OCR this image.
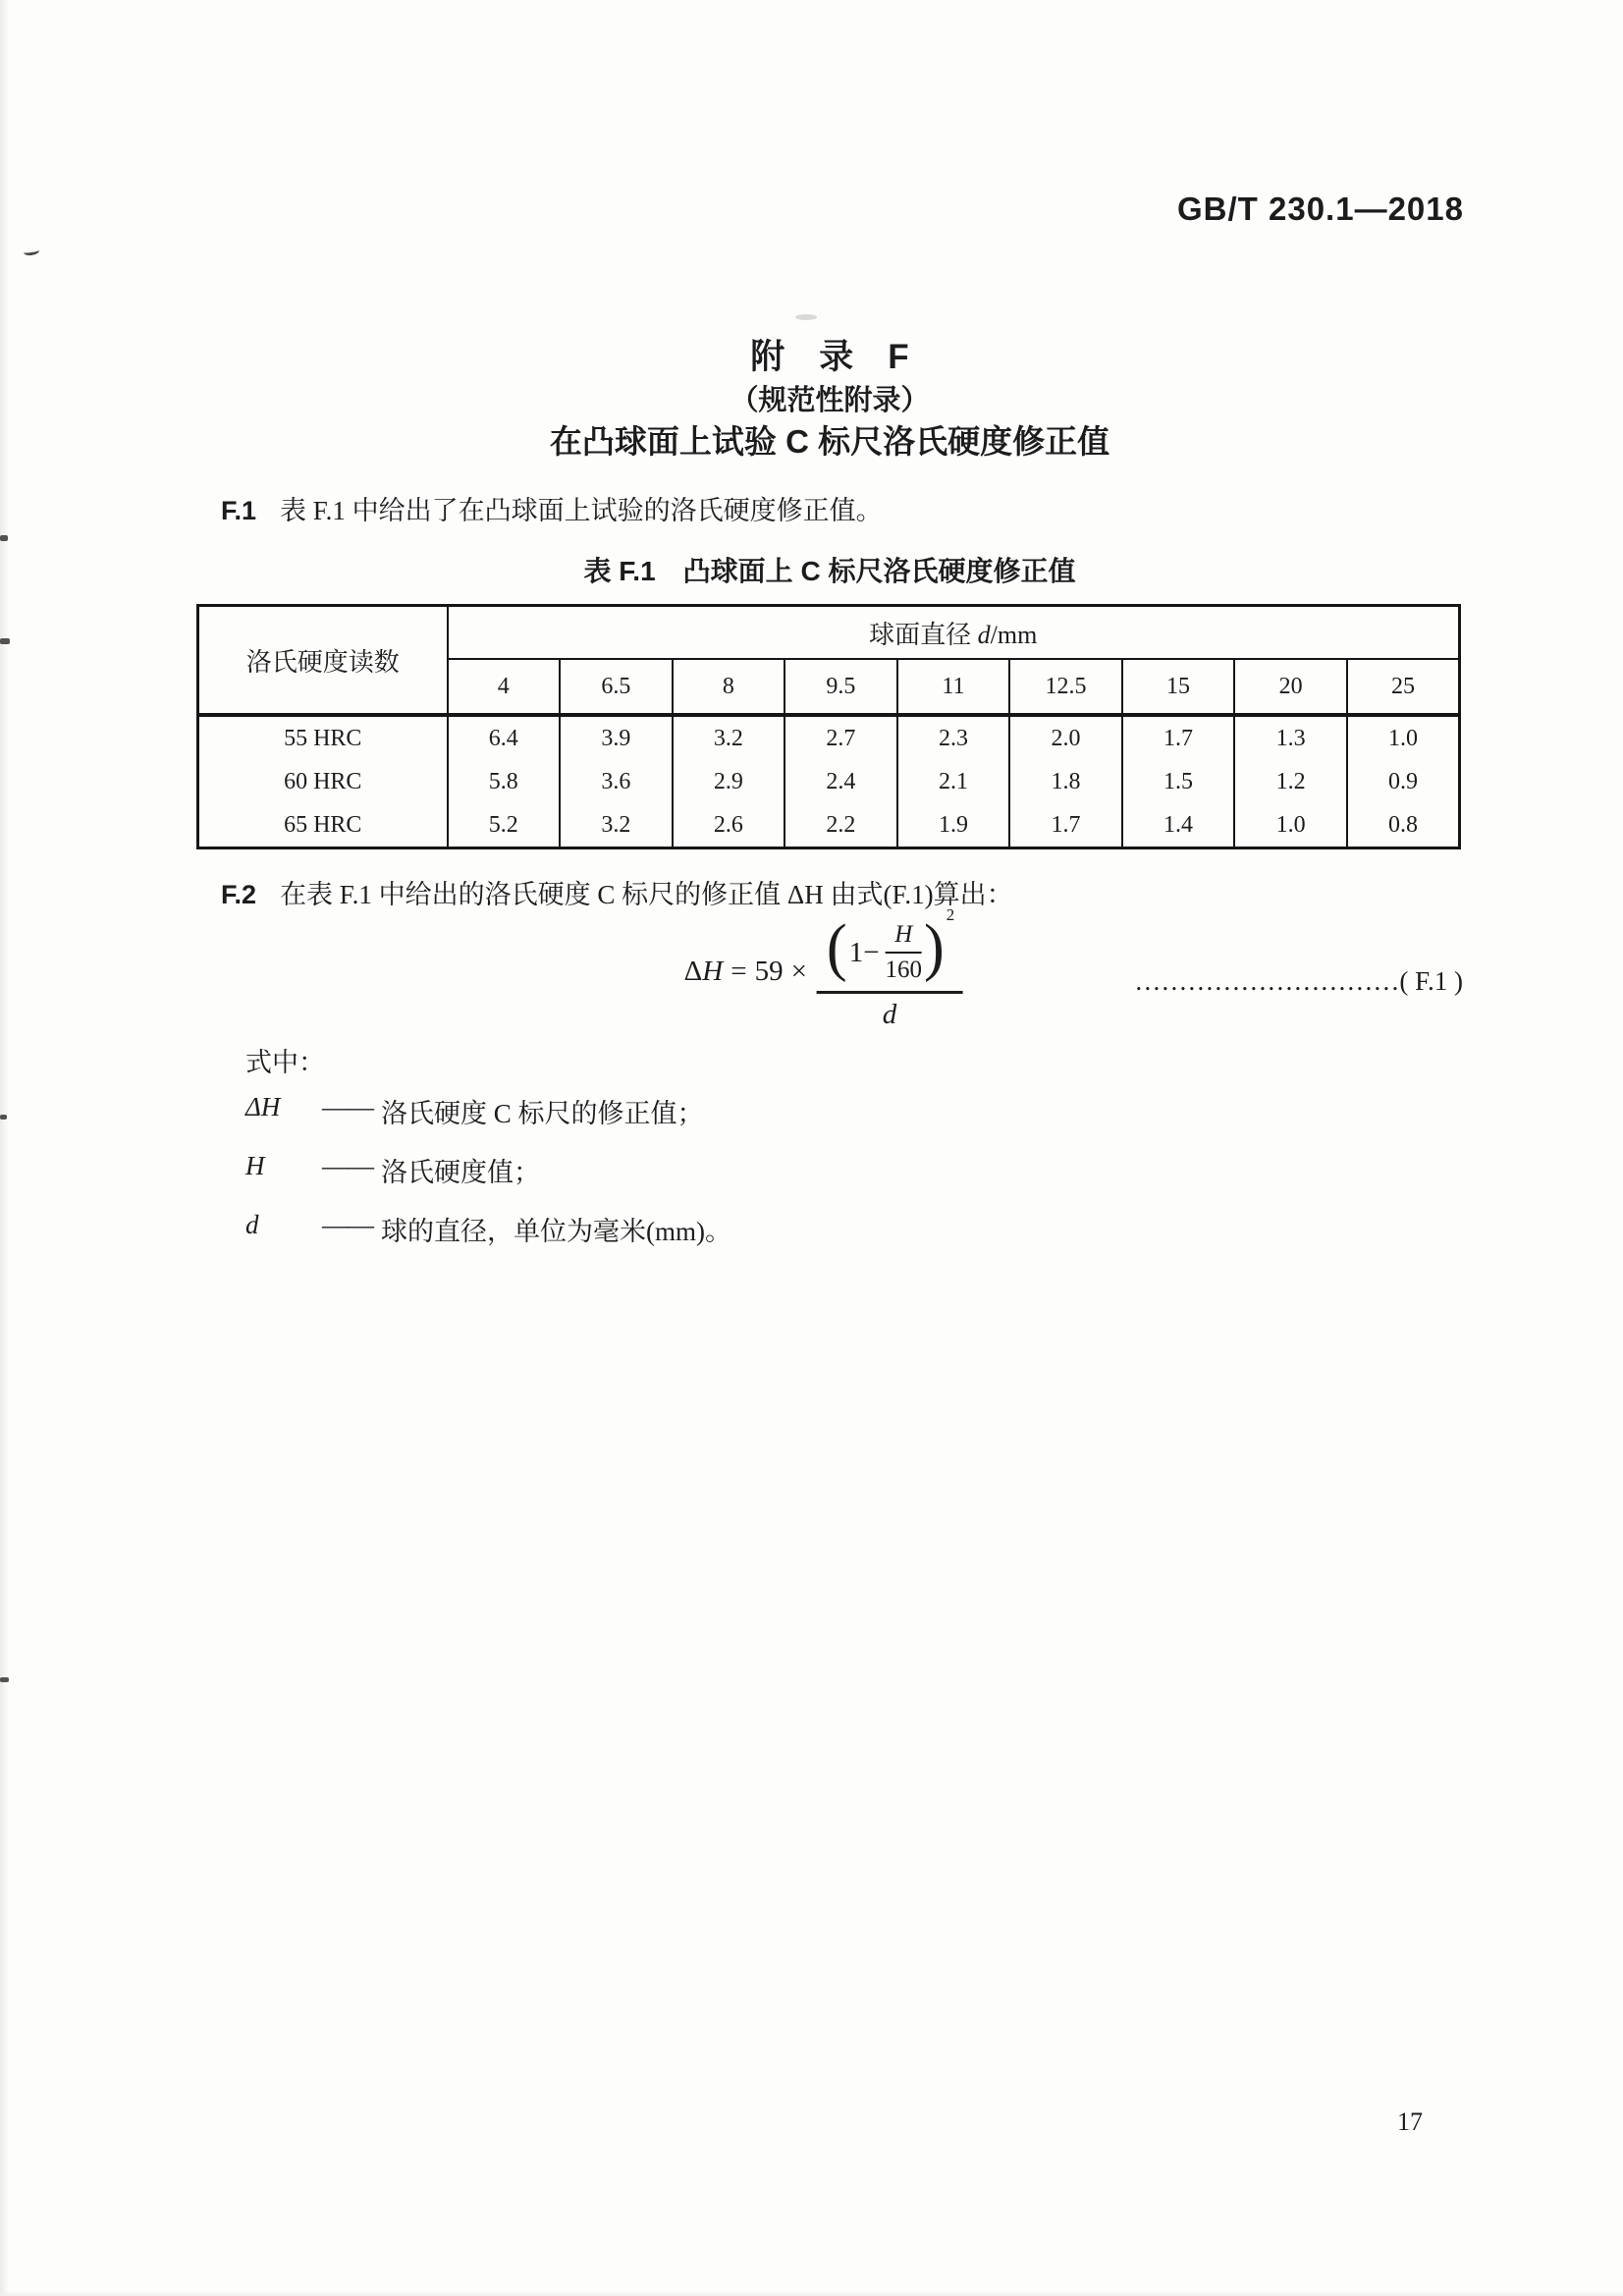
GB/T 230.1—2018
附　录　F
（规范性附录）
在凸球面上试验 C 标尺洛氏硬度修正值
F.1 表 F.1 中给出了在凸球面上试验的洛氏硬度修正值。
表 F.1　凸球面上 C 标尺洛氏硬度修正值
洛氏硬度读数	球面直径 d/mm								
	4	6.5	8	9.5	11	12.5	15	20	25
55 HRC	6.4	3.9	3.2	2.7	2.3	2.0	1.7	1.3	1.0
60 HRC	5.8	3.6	2.9	2.4	2.1	1.8	1.5	1.2	0.9
65 HRC	5.2	3.2	2.6	2.2	1.9	1.7	1.4	1.0	0.8
F.2 在表 F.1 中给出的洛氏硬度 C 标尺的修正值 ΔH 由式(F.1)算出：
ΔH = 59 × ( $1- \frac{H}{160}$ ) 2
d
…………………………( F.1 )
式中：
ΔH	—— 洛氏硬度 C 标尺的修正值；
H	—— 洛氏硬度值；
d	—— 球的直径，单位为毫米(mm)。
17
